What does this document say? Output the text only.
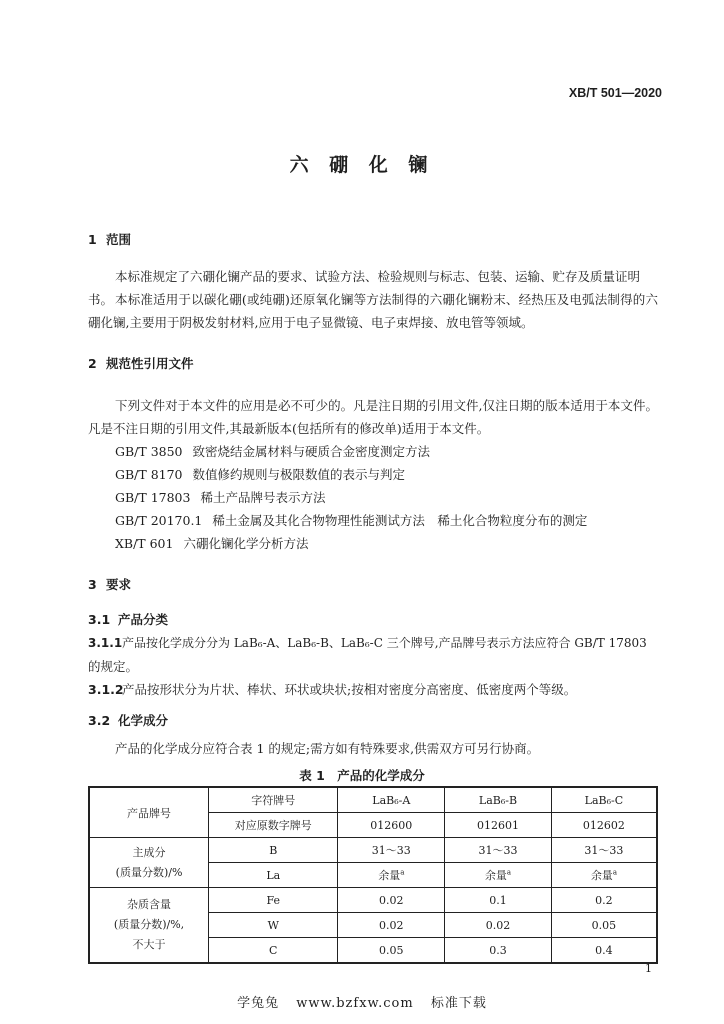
XB/T 501—2020
六 硼 化 镧
1 范围
本标准规定了六硼化镧产品的要求、试验方法、检验规则与标志、包装、运输、贮存及质量证明书。 本标准适用于以碳化硼(或纯硼)还原氧化镧等方法制得的六硼化镧粉末、经热压及电弧法制得的六
硼化镧,主要用于阴极发射材料,应用于电子显微镜、电子束焊接、放电管等领域。
2 规范性引用文件
下列文件对于本文件的应用是必不可少的。凡是注日期的引用文件,仅注日期的版本适用于本文件。
凡是不注日期的引用文件,其最新版本(包括所有的修改单)适用于本文件。
GB/T 3850 致密烧结金属材料与硬质合金密度测定方法
GB/T 8170 数值修约规则与极限数值的表示与判定
GB/T 17803 稀土产品牌号表示方法
GB/T 20170.1 稀土金属及其化合物物理性能测试方法　稀土化合物粒度分布的测定
XB/T 601 六硼化镧化学分析方法
3 要求
3.1 产品分类
3.1.1产品按化学成分分为 LaB₆-A、LaB₆-B、LaB₆-C 三个牌号,产品牌号表示方法应符合 GB/T 17803
的规定。
3.1.2产品按形状分为片状、棒状、环状或块状;按相对密度分高密度、低密度两个等级。
3.2 化学成分
产品的化学成分应符合表 1 的规定;需方如有特殊要求,供需双方可另行协商。
表 1　产品的化学成分
产品牌号	字符牌号	LaB₆-A	LaB₆-B	LaB₆-C
	对应原数字牌号	012600	012601	012602

主成分
(质量分数)/%	B	31～33	31～33	31～33
	La	余量$^a$	余量$^a$	余量$^a$

杂质含量
(质量分数)/%,
不大于	Fe	0.02	0.1	0.2
	W	0.02	0.02	0.05
	C	0.05	0.3	0.4
1
学兔兔 www.bzfxw.com 标准下载
